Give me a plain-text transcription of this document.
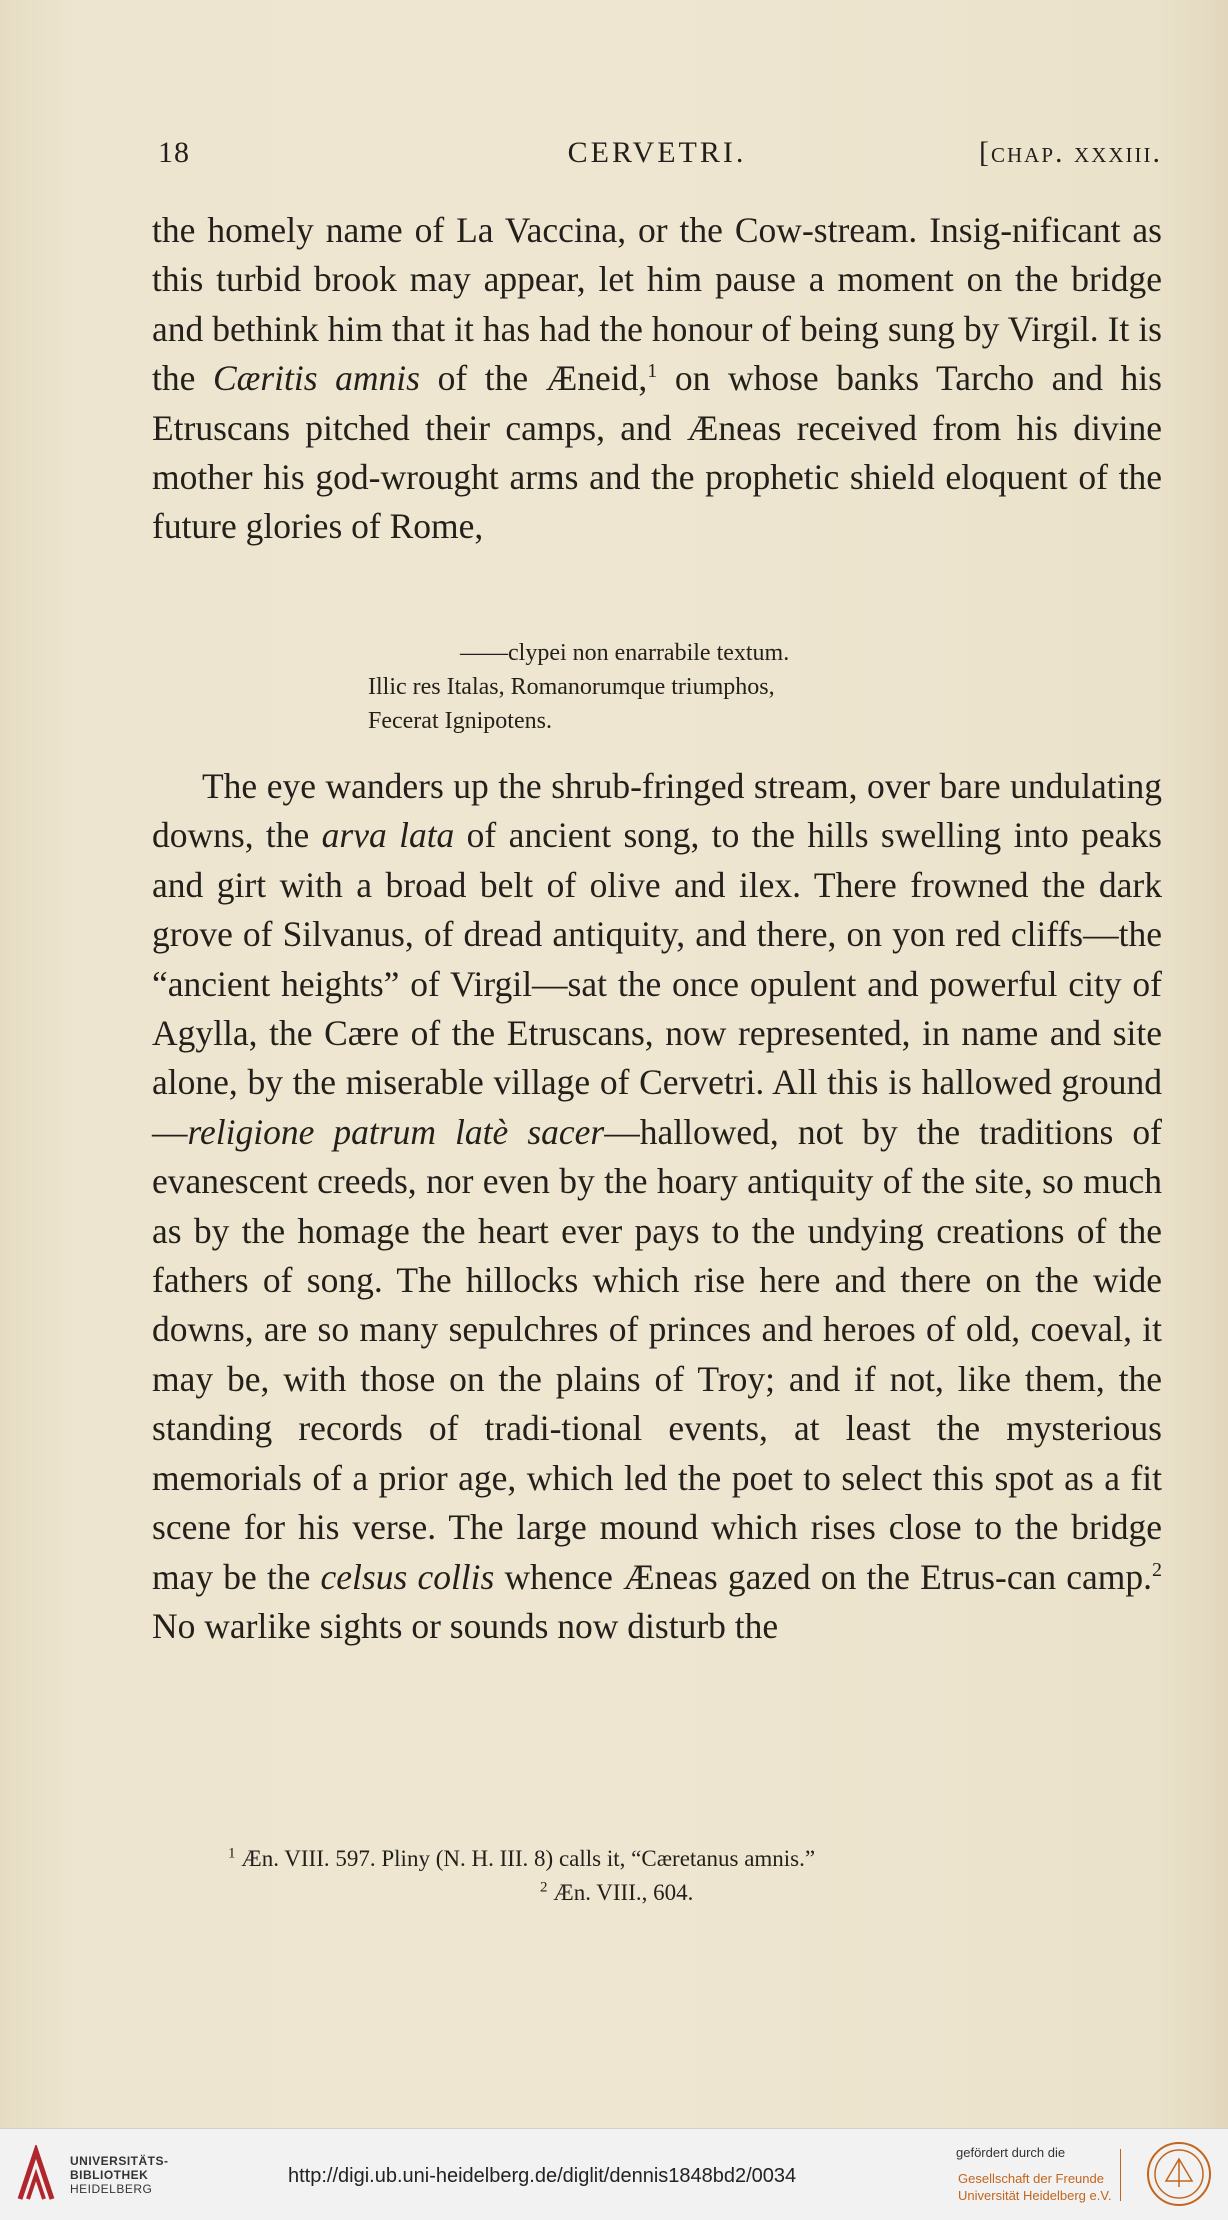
18	CERVETRI.	[chap. xxxiii.

the homely name of La Vaccina, or the Cow-stream. Insig-nificant as this turbid brook may appear, let him pause a moment on the bridge and bethink him that it has had the honour of being sung by Virgil. It is the Cæritis amnis of the Æneid,$^1$ on whose banks Tarcho and his Etruscans pitched their camps, and Æneas received from his divine mother his god-wrought arms and the prophetic shield eloquent of the future glories of Rome,

——clypei non enarrabile textum.
Illic res Italas, Romanorumque triumphos,
Fecerat Ignipotens.

The eye wanders up the shrub-fringed stream, over bare undulating downs, the arva lata of ancient song, to the hills swelling into peaks and girt with a broad belt of olive and ilex. There frowned the dark grove of Silvanus, of dread antiquity, and there, on yon red cliffs—the “ancient heights” of Virgil—sat the once opulent and powerful city of Agylla, the Cære of the Etruscans, now represented, in name and site alone, by the miserable village of Cervetri. All this is hallowed ground—religione patrum latè sacer—hallowed, not by the traditions of evanescent creeds, nor even by the hoary antiquity of the site, so much as by the homage the heart ever pays to the undying creations of the fathers of song. The hillocks which rise here and there on the wide downs, are so many sepulchres of princes and heroes of old, coeval, it may be, with those on the plains of Troy; and if not, like them, the standing records of tradi-tional events, at least the mysterious memorials of a prior age, which led the poet to select this spot as a fit scene for his verse. The large mound which rises close to the bridge may be the celsus collis whence Æneas gazed on the Etrus-can camp.$^2$ No warlike sights or sounds now disturb the

$^1$ Æn. VIII. 597. Pliny (N. H. III. 8) calls it, “Cæretanus amnis.”
$^2$ Æn. VIII., 604.
UNIVERSITÄTS-
BIBLIOTHEK
HEIDELBERG
http://digi.ub.uni-heidelberg.de/diglit/dennis1848bd2/0034
gefördert durch die
Gesellschaft der Freunde
Universität Heidelberg e.V.
